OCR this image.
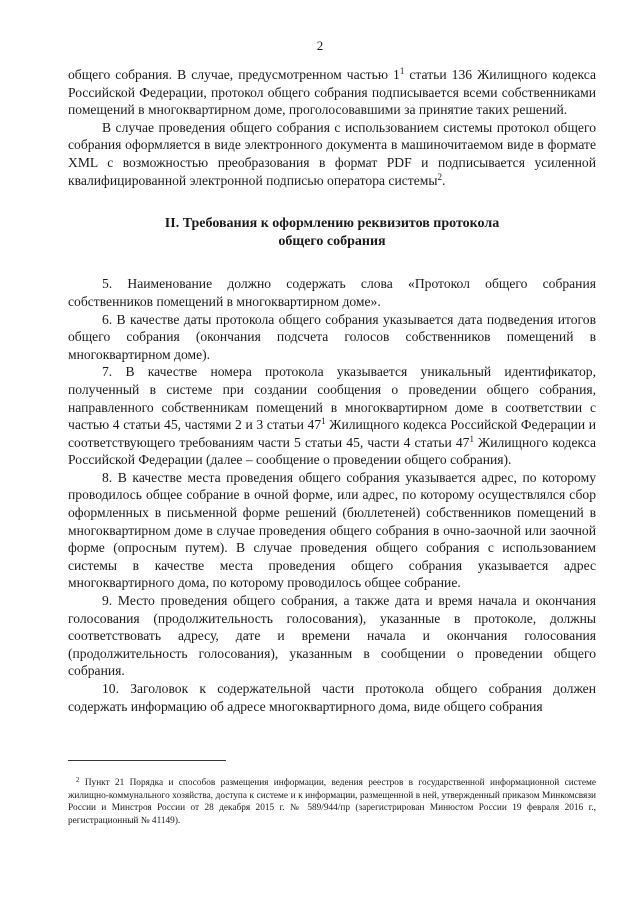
2

общего собрания. В случае, предусмотренном частью $1^1$ статьи 136 Жилищного кодекса Российской Федерации, протокол общего собрания подписывается всеми собственниками помещений в многоквартирном доме, проголосовавшими за принятие таких решений.

В случае проведения общего собрания с использованием системы протокол общего собрания оформляется в виде электронного документа в машиночитаемом виде в формате XML с возможностью преобразования в формат PDF и подписывается усиленной квалифицированной электронной подписью оператора системы$^2$.

II. Требования к оформлению реквизитов протокола
общего собрания

5. Наименование должно содержать слова «Протокол общего собрания собственников помещений в многоквартирном доме».

6. В качестве даты протокола общего собрания указывается дата подведения итогов общего собрания (окончания подсчета голосов собственников помещений в многоквартирном доме).

7. В качестве номера протокола указывается уникальный идентификатор, полученный в системе при создании сообщения о проведении общего собрания, направленного собственникам помещений в многоквартирном доме в соответствии с частью 4 статьи 45, частями 2 и 3 статьи $47^1$ Жилищного кодекса Российской Федерации и соответствующего требованиям части 5 статьи 45, части 4 статьи $47^1$ Жилищного кодекса Российской Федерации (далее – сообщение о проведении общего собрания).

8. В качестве места проведения общего собрания указывается адрес, по которому проводилось общее собрание в очной форме, или адрес, по которому осуществлялся сбор оформленных в письменной форме решений (бюллетеней) собственников помещений в многоквартирном доме в случае проведения общего собрания в очно-заочной или заочной форме (опросным путем). В случае проведения общего собрания с использованием системы в качестве места проведения общего собрания указывается адрес многоквартирного дома, по которому проводилось общее собрание.

9. Место проведения общего собрания, а также дата и время начала и окончания голосования (продолжительность голосования), указанные в протоколе, должны соответствовать адресу, дате и времени начала и окончания голосования (продолжительность голосования), указанным в сообщении о проведении общего собрания.

10. Заголовок к содержательной части протокола общего собрания должен содержать информацию об адресе многоквартирного дома, виде общего собрания

$^2$ Пункт 21 Порядка и способов размещения информации, ведения реестров в государственной информационной системе жилищно-коммунального хозяйства, доступа к системе и к информации, размещенной в ней, утвержденный приказом Минкомсвязи России и Минстроя России от 28 декабря 2015 г. № 589/944/пр (зарегистрирован Минюстом России 19 февраля 2016 г., регистрационный № 41149).
